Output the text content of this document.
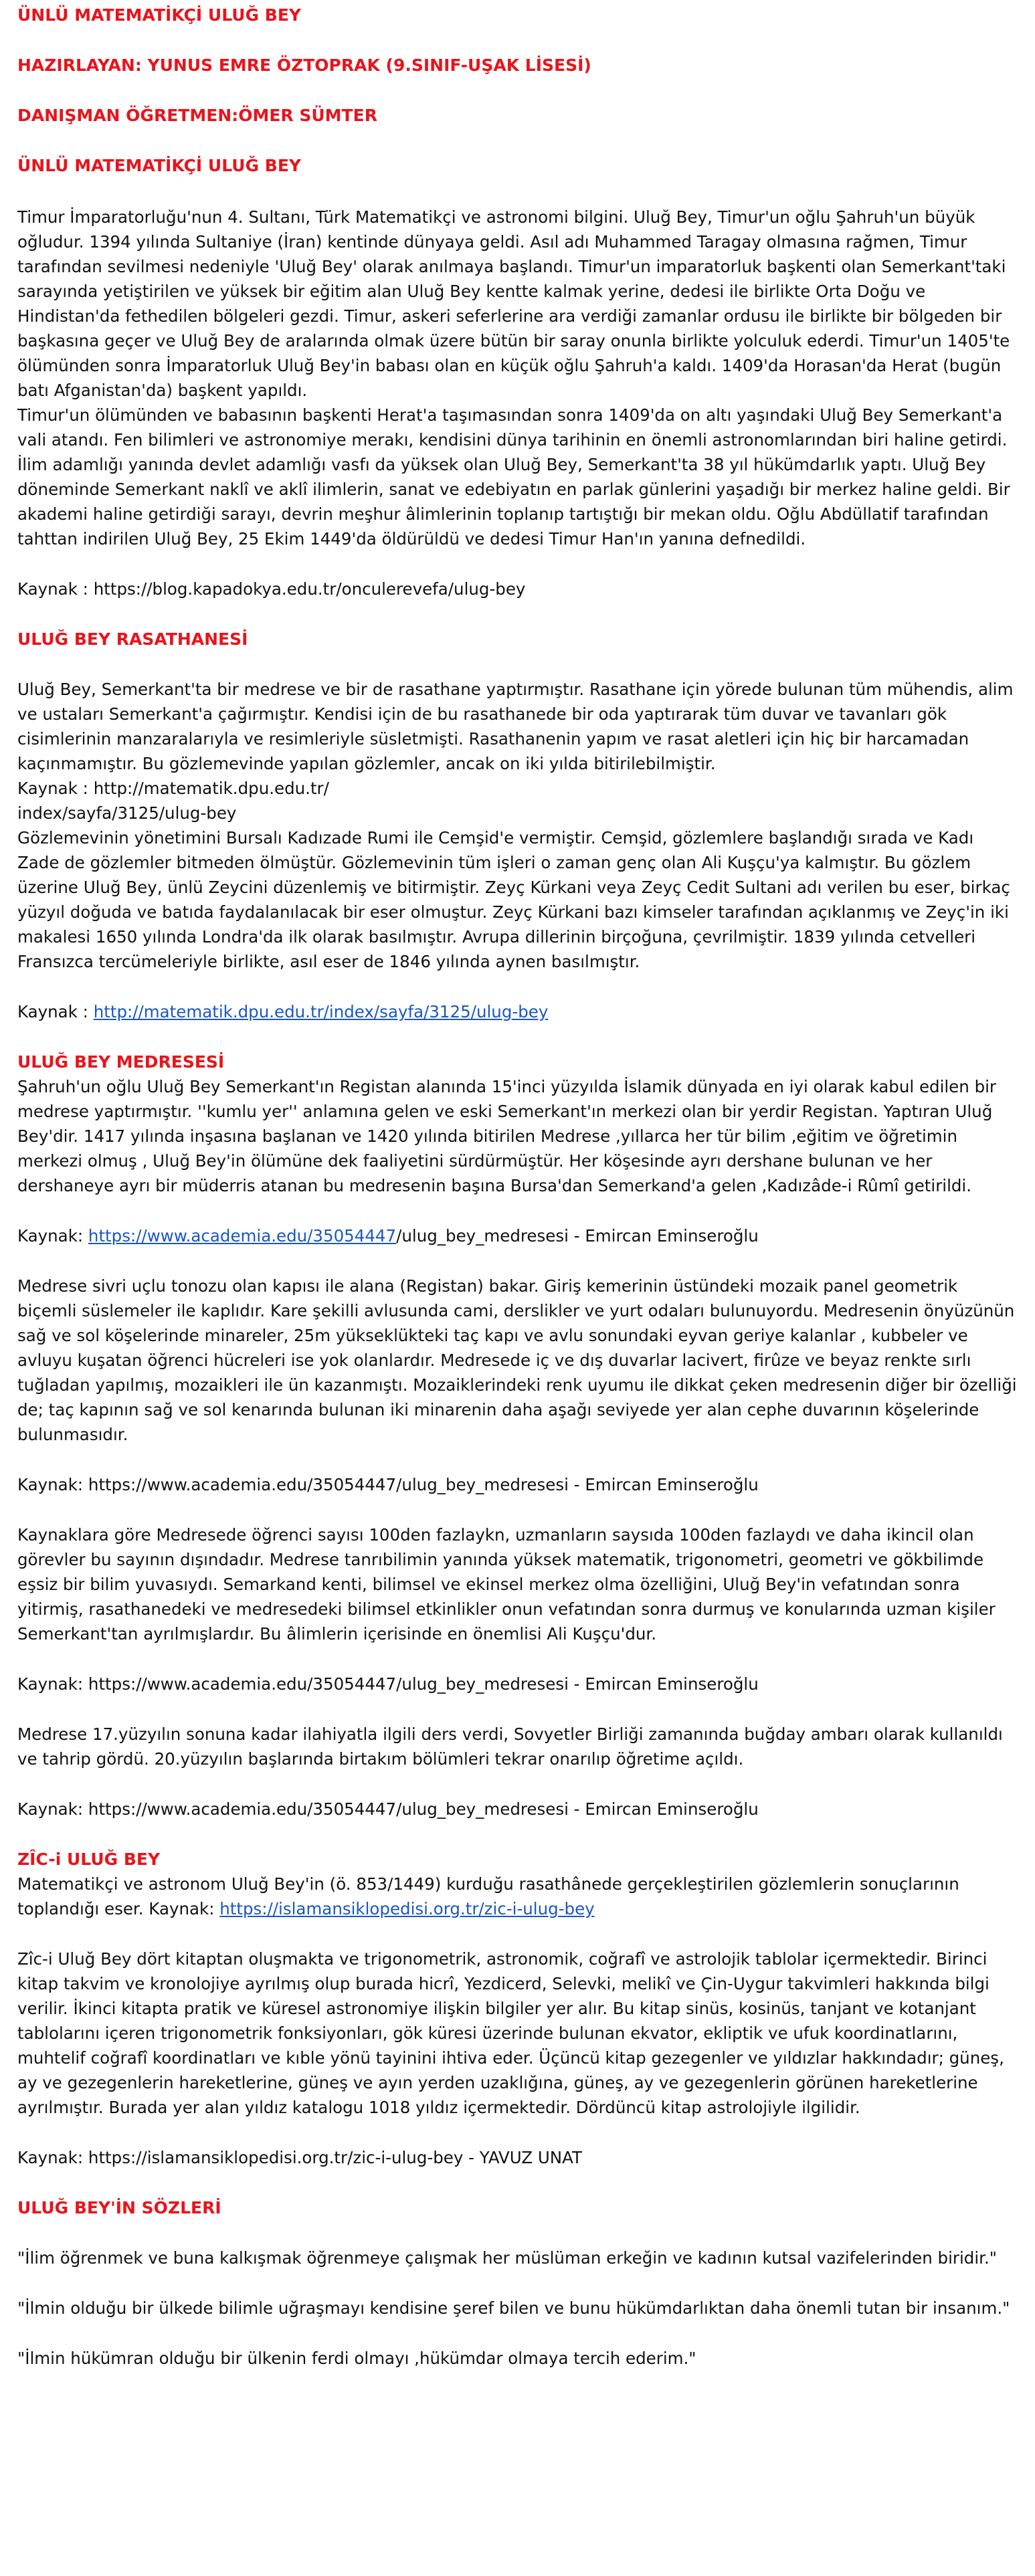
ÜNLÜ MATEMATİKÇİ ULUĞ BEY
HAZIRLAYAN: YUNUS EMRE ÖZTOPRAK (9.SINIF-UŞAK LİSESİ)
DANIŞMAN ÖĞRETMEN:ÖMER SÜMTER
ÜNLÜ MATEMATİKÇİ ULUĞ BEY

Timur İmparatorluğu'nun 4. Sultanı, Türk Matematikçi ve astronomi bilgini. Uluğ Bey, Timur'un oğlu Şahruh'un büyük oğludur. 1394 yılında Sultaniye (İran) kentinde dünyaya geldi. Asıl adı Muhammed Taragay olmasına rağmen, Timur tarafından sevilmesi nedeniyle 'Uluğ Bey' olarak anılmaya başlandı. Timur'un imparatorluk başkenti olan Semerkant'taki sarayında yetiştirilen ve yüksek bir eğitim alan Uluğ Bey kentte kalmak yerine, dedesi ile birlikte Orta Doğu ve Hindistan'da fethedilen bölgeleri gezdi. Timur, askeri seferlerine ara verdiği zamanlar ordusu ile birlikte bir bölgeden bir başkasına geçer ve Uluğ Bey de aralarında olmak üzere bütün bir saray onunla birlikte yolculuk ederdi. Timur'un 1405'te ölümünden sonra İmparatorluk Uluğ Bey'in babası olan en küçük oğlu Şahruh'a kaldı. 1409'da Horasan'da Herat (bugün batı Afganistan'da) başkent yapıldı.

Timur'un ölümünden ve babasının başkenti Herat'a taşımasından sonra 1409'da on altı yaşındaki Uluğ Bey Semerkant'a vali atandı. Fen bilimleri ve astronomiye merakı, kendisini dünya tarihinin en önemli astronomlarından biri haline getirdi. İlim adamlığı yanında devlet adamlığı vasfı da yüksek olan Uluğ Bey, Semerkant'ta 38 yıl hükümdarlık yaptı. Uluğ Bey döneminde Semerkant naklî ve aklî ilimlerin, sanat ve edebiyatın en parlak günlerini yaşadığı bir merkez haline geldi. Bir akademi haline getirdiği sarayı, devrin meşhur âlimlerinin toplanıp tartıştığı bir mekan oldu. Oğlu Abdüllatif tarafından tahttan indirilen Uluğ Bey, 25 Ekim 1449'da öldürüldü ve dedesi Timur Han'ın yanına defnedildi.

Kaynak : https://blog.kapadokya.edu.tr/onculerevefa/ulug-bey

ULUĞ BEY RASATHANESİ

Uluğ Bey, Semerkant'ta bir medrese ve bir de rasathane yaptırmıştır. Rasathane için yörede bulunan tüm mühendis, alim ve ustaları Semerkant'a çağırmıştır. Kendisi için de bu rasathanede bir oda yaptırarak tüm duvar ve tavanları gök cisimlerinin manzaralarıyla ve resimleriyle süsletmişti. Rasathanenin yapım ve rasat aletleri için hiç bir harcamadan kaçınmamıştır. Bu gözlemevinde yapılan gözlemler, ancak on iki yılda bitirilebilmiştir.

Kaynak : http://matematik.dpu.edu.tr/

index/sayfa/3125/ulug-bey

Gözlemevinin yönetimini Bursalı Kadızade Rumi ile Cemşid'e vermiştir. Cemşid, gözlemlere başlandığı sırada ve Kadı Zade de gözlemler bitmeden ölmüştür. Gözlemevinin tüm işleri o zaman genç olan Ali Kuşçu'ya kalmıştır. Bu gözlem üzerine Uluğ Bey, ünlü Zeycini düzenlemiş ve bitirmiştir. Zeyç Kürkani veya Zeyç Cedit Sultani adı verilen bu eser, birkaç yüzyıl doğuda ve batıda faydalanılacak bir eser olmuştur. Zeyç Kürkani bazı kimseler tarafından açıklanmış ve Zeyç'in iki makalesi 1650 yılında Londra'da ilk olarak basılmıştır. Avrupa dillerinin birçoğuna, çevrilmiştir. 1839 yılında cetvelleri Fransızca tercümeleriyle birlikte, asıl eser de 1846 yılında aynen basılmıştır.

Kaynak : http://matematik.dpu.edu.tr/index/sayfa/3125/ulug-bey

ULUĞ BEY MEDRESESİ

Şahruh'un oğlu Uluğ Bey Semerkant'ın Registan alanında 15'inci yüzyılda İslamik dünyada en iyi olarak kabul edilen bir medrese yaptırmıştır. ''kumlu yer'' anlamına gelen ve eski Semerkant'ın merkezi olan bir yerdir Registan. Yaptıran Uluğ Bey'dir. 1417 yılında inşasına başlanan ve 1420 yılında bitirilen Medrese ,yıllarca her tür bilim ,eğitim ve öğretimin merkezi olmuş , Uluğ Bey'in ölümüne dek faaliyetini sürdürmüştür. Her köşesinde ayrı dershane bulunan ve her dershaneye ayrı bir müderris atanan bu medresenin başına Bursa'dan Semerkand'a gelen ,Kadızâde-i Rûmî getirildi.

Kaynak: https://www.academia.edu/35054447/ulug_bey_medresesi - Emircan Eminseroğlu

Medrese sivri uçlu tonozu olan kapısı ile alana (Registan) bakar. Giriş kemerinin üstündeki mozaik panel geometrik biçemli süslemeler ile kaplıdır. Kare şekilli avlusunda cami, derslikler ve yurt odaları bulunuyordu. Medresenin önyüzünün sağ ve sol köşelerinde minareler, 25m yükseklükteki taç kapı ve avlu sonundaki eyvan geriye kalanlar , kubbeler ve avluyu kuşatan öğrenci hücreleri ise yok olanlardır. Medresede iç ve dış duvarlar lacivert, firûze ve beyaz renkte sırlı tuğladan yapılmış, mozaikleri ile ün kazanmıştı. Mozaiklerindeki renk uyumu ile dikkat çeken medresenin diğer bir özelliği de; taç kapının sağ ve sol kenarında bulunan iki minarenin daha aşağı seviyede yer alan cephe duvarının köşelerinde bulunmasıdır.

Kaynak: https://www.academia.edu/35054447/ulug_bey_medresesi - Emircan Eminseroğlu

Kaynaklara göre Medresede öğrenci sayısı 100den fazlaykn, uzmanların saysıda 100den fazlaydı ve daha ikincil olan görevler bu sayının dışındadır. Medrese tanrıbilimin yanında yüksek matematik, trigonometri, geometri ve gökbilimde eşsiz bir bilim yuvasıydı. Semarkand kenti, bilimsel ve ekinsel merkez olma özelliğini, Uluğ Bey'in vefatından sonra yitirmiş, rasathanedeki ve medresedeki bilimsel etkinlikler onun vefatından sonra durmuş ve konularında uzman kişiler Semerkant'tan ayrılmışlardır. Bu âlimlerin içerisinde en önemlisi Ali Kuşçu'dur.

Kaynak: https://www.academia.edu/35054447/ulug_bey_medresesi - Emircan Eminseroğlu

Medrese 17.yüzyılın sonuna kadar ilahiyatla ilgili ders verdi, Sovyetler Birliği zamanında buğday ambarı olarak kullanıldı ve tahrip gördü. 20.yüzyılın başlarında birtakım bölümleri tekrar onarılıp öğretime açıldı.

Kaynak: https://www.academia.edu/35054447/ulug_bey_medresesi - Emircan Eminseroğlu

ZÎC-i ULUĞ BEY

Matematikçi ve astronom Uluğ Bey'in (ö. 853/1449) kurduğu rasathânede gerçekleştirilen gözlemlerin sonuçlarının toplandığı eser. Kaynak: https://islamansiklopedisi.org.tr/zic-i-ulug-bey

Zîc-i Uluğ Bey dört kitaptan oluşmakta ve trigonometrik, astronomik, coğrafî ve astrolojik tablolar içermektedir. Birinci kitap takvim ve kronolojiye ayrılmış olup burada hicrî, Yezdicerd, Selevki, melikî ve Çin-Uygur takvimleri hakkında bilgi verilir. İkinci kitapta pratik ve küresel astronomiye ilişkin bilgiler yer alır. Bu kitap sinüs, kosinüs, tanjant ve kotanjant tablolarını içeren trigonometrik fonksiyonları, gök küresi üzerinde bulunan ekvator, ekliptik ve ufuk koordinatlarını, muhtelif coğrafî koordinatları ve kıble yönü tayinini ihtiva eder. Üçüncü kitap gezegenler ve yıldızlar hakkındadır; güneş, ay ve gezegenlerin hareketlerine, güneş ve ayın yerden uzaklığına, güneş, ay ve gezegenlerin görünen hareketlerine ayrılmıştır. Burada yer alan yıldız katalogu 1018 yıldız içermektedir. Dördüncü kitap astrolojiyle ilgilidir.

Kaynak: https://islamansiklopedisi.org.tr/zic-i-ulug-bey - YAVUZ UNAT

ULUĞ BEY'İN SÖZLERİ

"İlim öğrenmek ve buna kalkışmak öğrenmeye çalışmak her müslüman erkeğin ve kadının kutsal vazifelerinden biridir."

"İlmin olduğu bir ülkede bilimle uğraşmayı kendisine şeref bilen ve bunu hükümdarlıktan daha önemli tutan bir insanım."

"İlmin hükümran olduğu bir ülkenin ferdi olmayı ,hükümdar olmaya tercih ederim."
